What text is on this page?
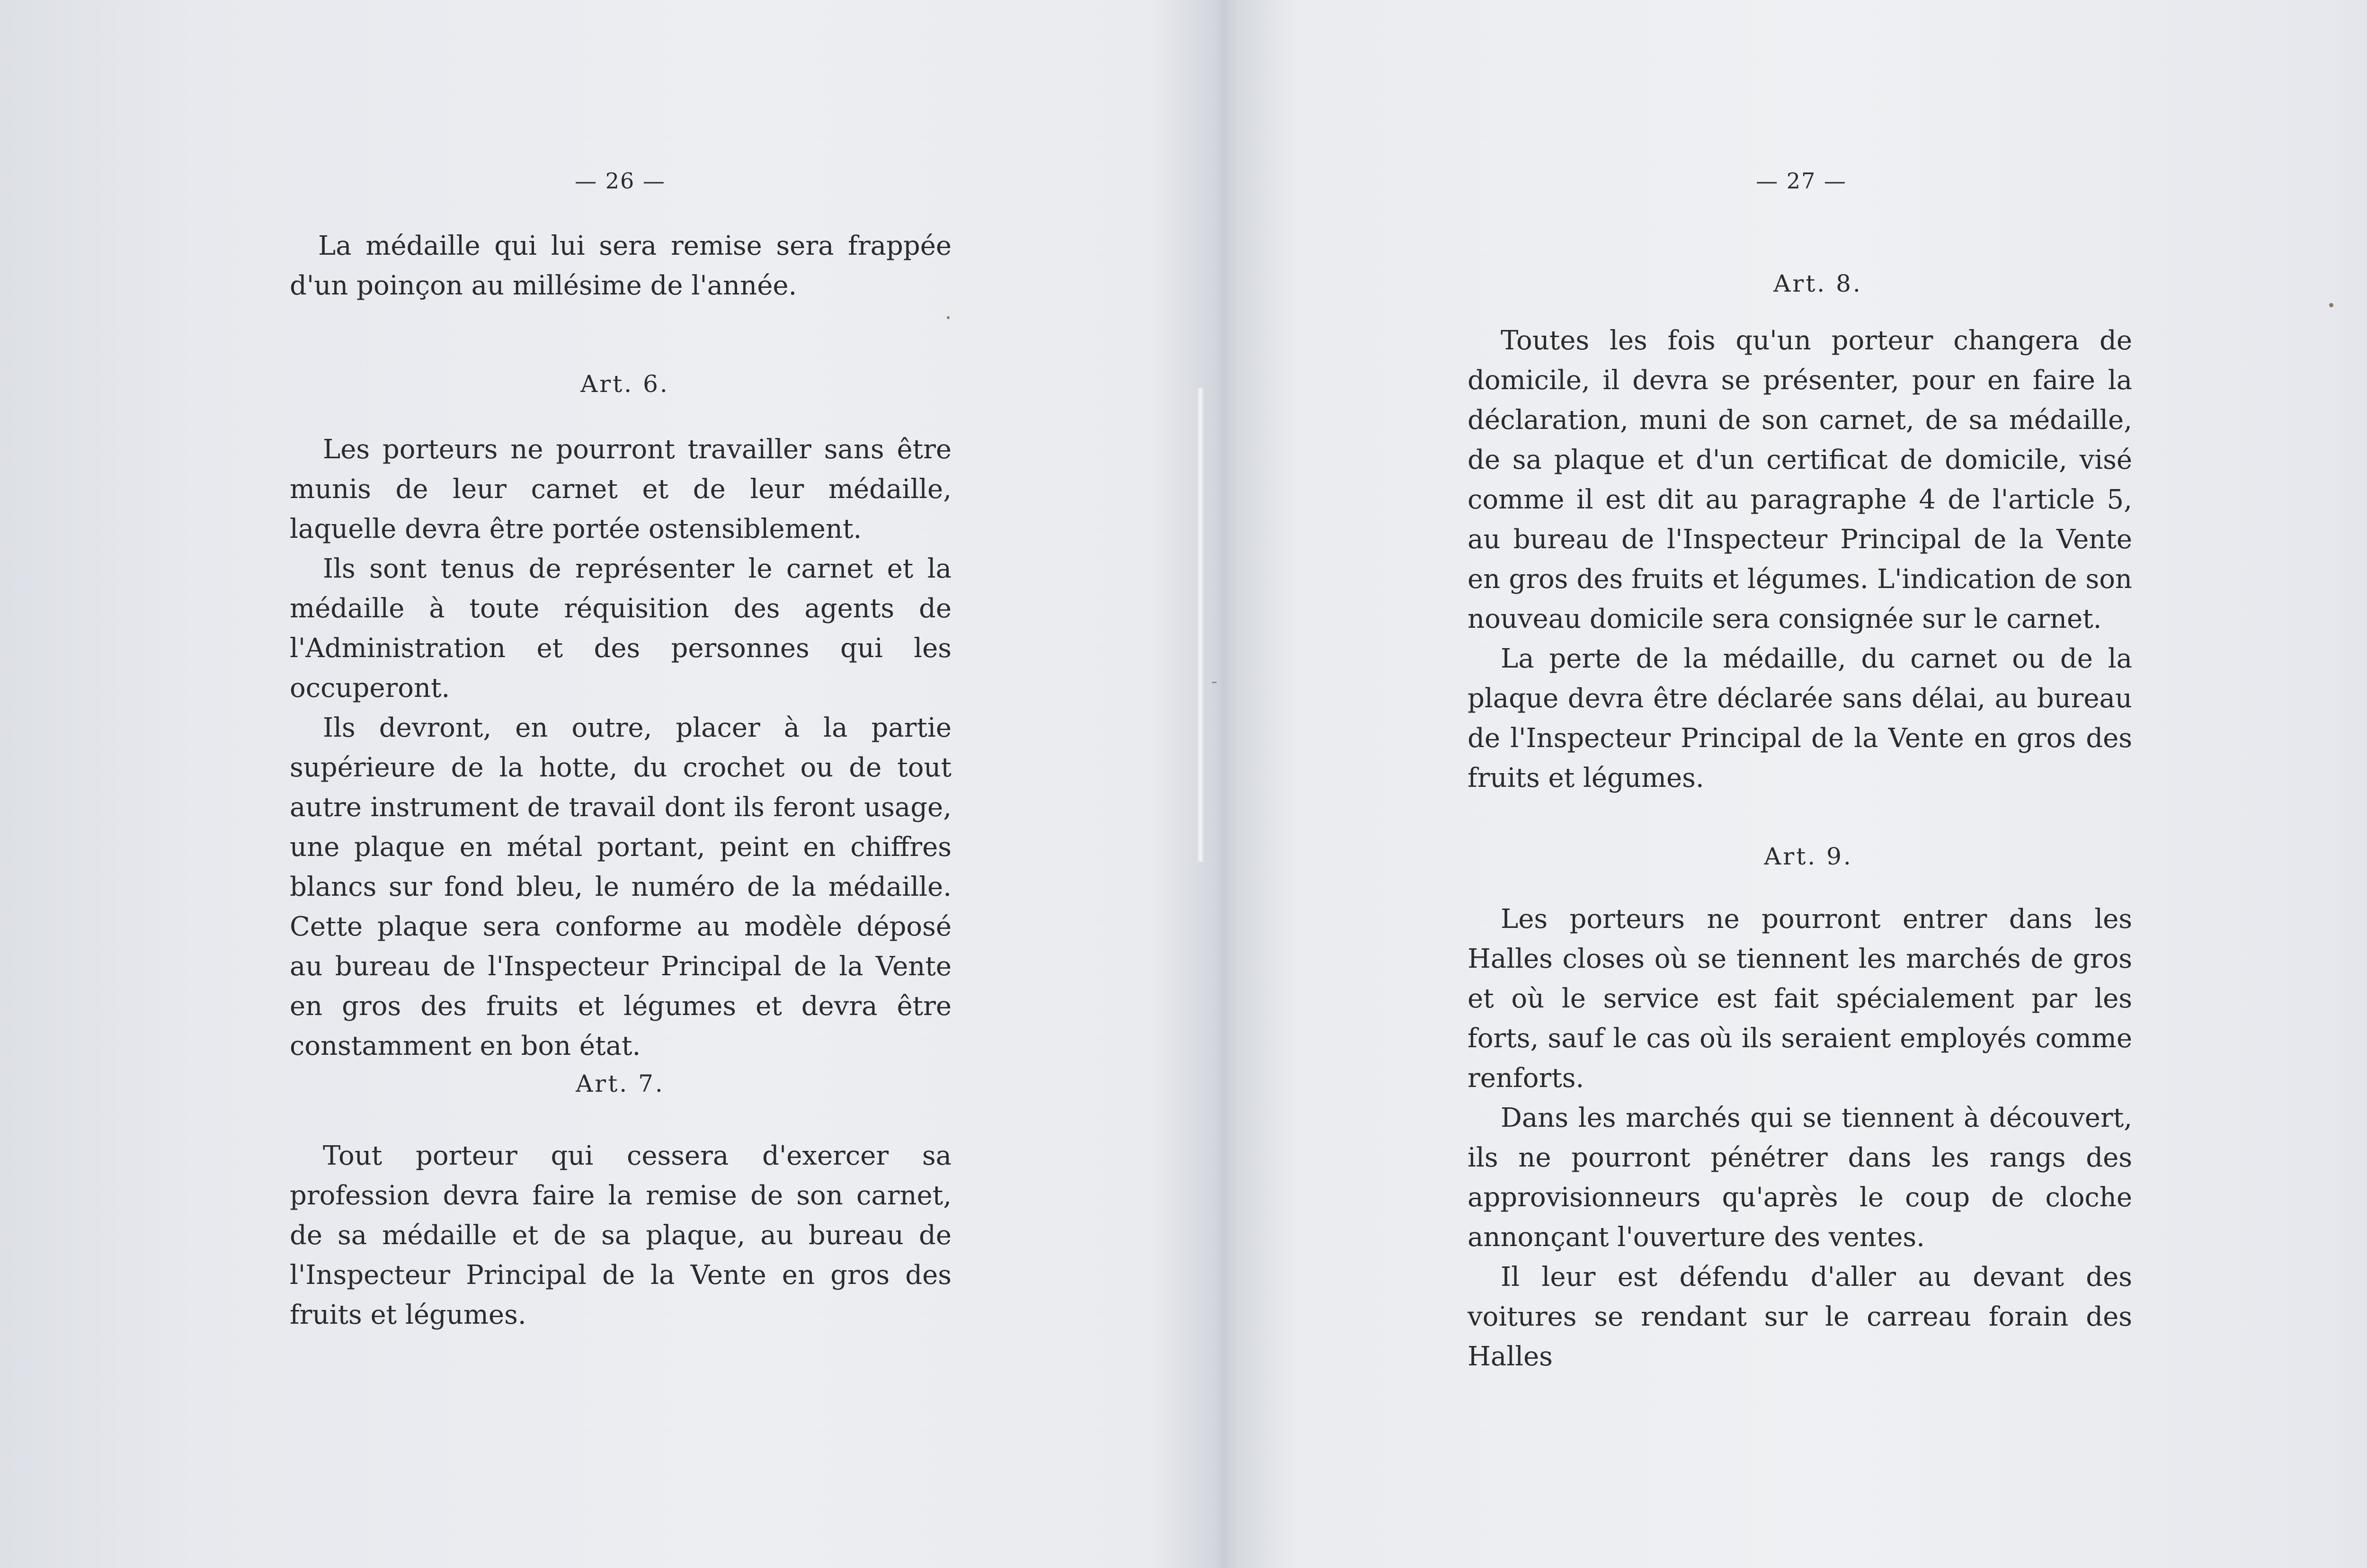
— 26 —

La médaille qui lui sera remise sera frappée d'un poinçon au millésime de l'année.

Art. 6.

Les porteurs ne pourront travailler sans être munis de leur carnet et de leur médaille, laquelle devra être portée ostensiblement.

Ils sont tenus de représenter le carnet et la médaille à toute réquisition des agents de l'Administration et des personnes qui les occuperont.

Ils devront, en outre, placer à la partie supérieure de la hotte, du crochet ou de tout autre instrument de travail dont ils feront usage, une plaque en métal portant, peint en chiffres blancs sur fond bleu, le numéro de la médaille. Cette plaque sera conforme au modèle déposé au bureau de l'Inspecteur Principal de la Vente en gros des fruits et légumes et devra être constamment en bon état.

Art. 7.

Tout porteur qui cessera d'exercer sa profession devra faire la remise de son carnet, de sa médaille et de sa plaque, au bureau de l'Inspecteur Principal de la Vente en gros des fruits et légumes.

— 27 —
Art. 8.

Toutes les fois qu'un porteur changera de domicile, il devra se présenter, pour en faire la déclaration, muni de son carnet, de sa médaille, de sa plaque et d'un certificat de domicile, visé comme il est dit au paragraphe 4 de l'article 5, au bureau de l'Inspecteur Principal de la Vente en gros des fruits et légumes. L'indication de son nouveau domicile sera consignée sur le carnet.

La perte de la médaille, du carnet ou de la plaque devra être déclarée sans délai, au bureau de l'Inspecteur Principal de la Vente en gros des fruits et légumes.

Art. 9.

Les porteurs ne pourront entrer dans les Halles closes où se tiennent les marchés de gros et où le service est fait spécialement par les forts, sauf le cas où ils seraient employés comme renforts.

Dans les marchés qui se tiennent à découvert, ils ne pourront pénétrer dans les rangs des approvisionneurs qu'après le coup de cloche annonçant l'ouverture des ventes.

Il leur est défendu d'aller au devant des voitures se rendant sur le carreau forain des Halles
